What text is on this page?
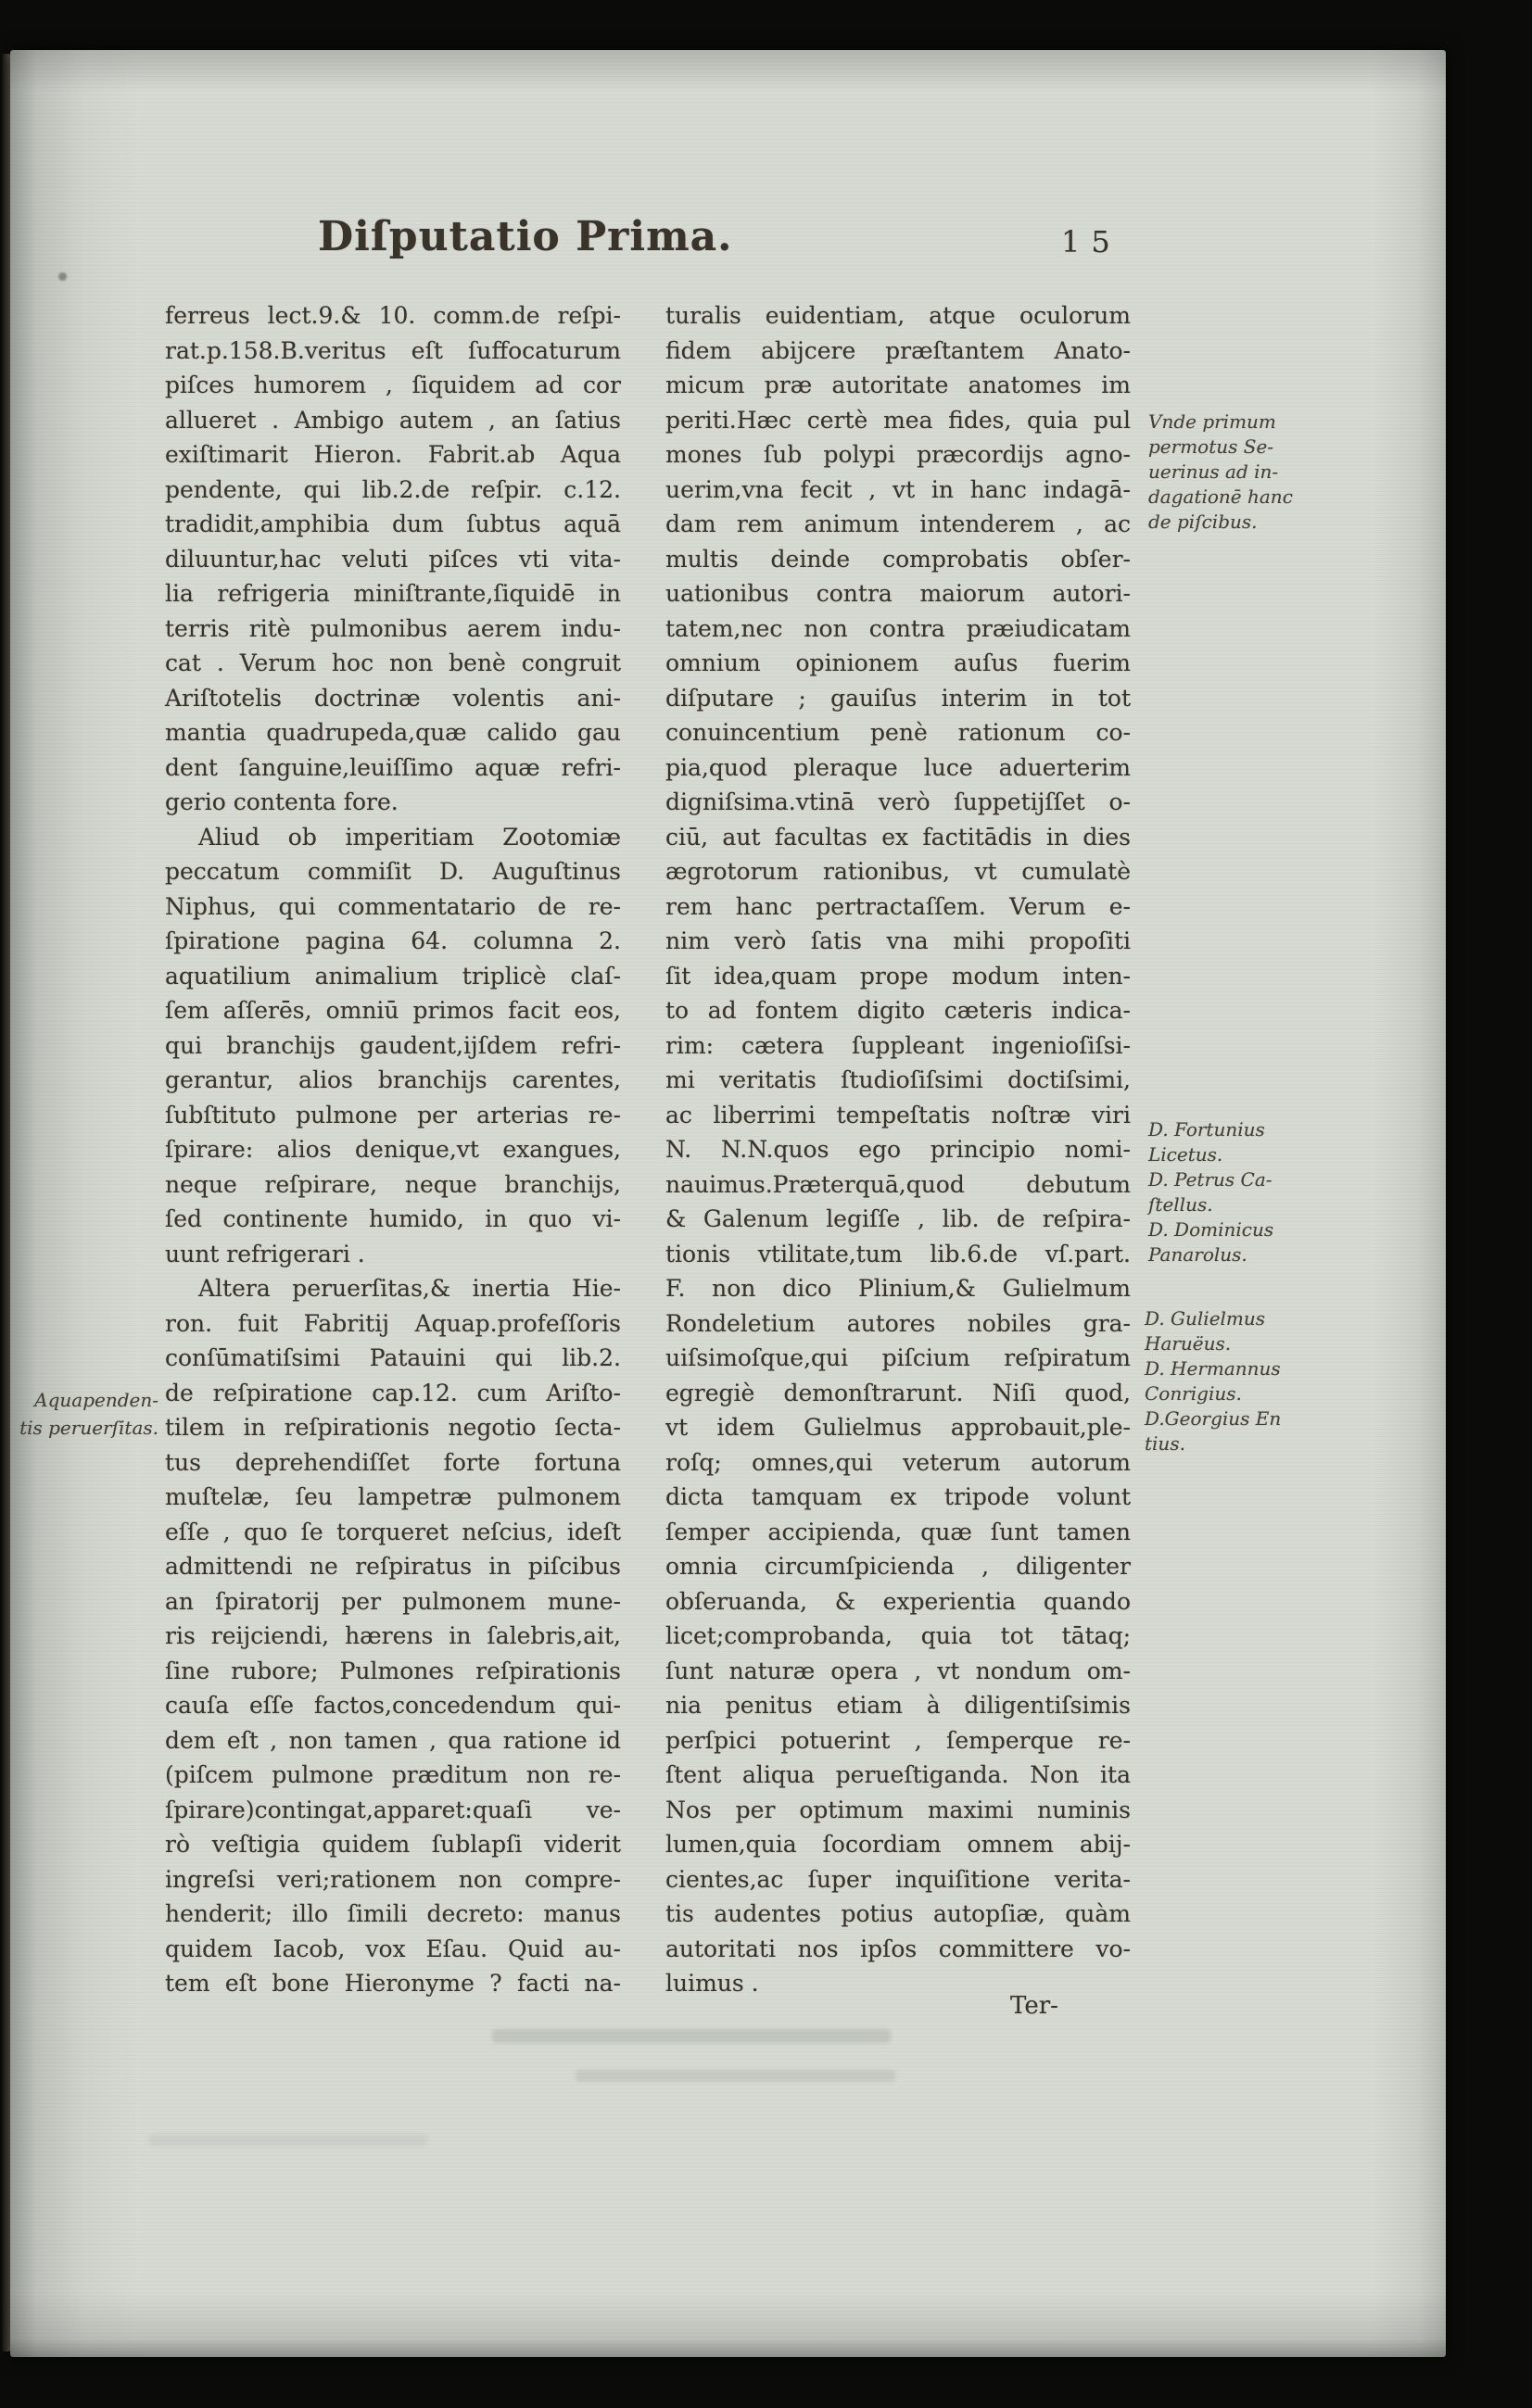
Diſputatio Prima.	15
ferreus lect.9.& 10. comm.de reſpi-
rat.p.158.B.veritus eſt ſuffocaturum
piſces humorem , ſiquidem ad cor
allueret . Ambigo autem , an ſatius
exiſtimarit Hieron. Fabrit.ab Aqua
pendente, qui lib.2.de reſpir. c.12.
tradidit,amphibia dum ſubtus aquā
diluuntur,hac veluti piſces vti vita-
lia refrigeria miniſtrante,ſiquidē in
terris ritè pulmonibus aerem indu-
cat . Verum hoc non benè congruit
Ariſtotelis doctrinæ volentis ani-
mantia quadrupeda,quæ calido gau
dent ſanguine,leuiſſimo aquæ refri-
gerio contenta fore.
Aliud ob imperitiam Zootomiæ
peccatum commiſit D. Auguſtinus
Niphus, qui commentatario de re-
ſpiratione pagina 64. columna 2.
aquatilium animalium triplicè claſ-
ſem aſſerēs, omniū primos facit eos,
qui branchijs gaudent,ijſdem refri-
gerantur, alios branchijs carentes,
ſubſtituto pulmone per arterias re-
ſpirare: alios denique,vt exangues,
neque reſpirare, neque branchijs,
ſed continente humido, in quo vi-
uunt refrigerari .
Altera peruerſitas,& inertia Hie-
ron. fuit Fabritij Aquap.profeſſoris
conſūmatiſsimi Patauini qui lib.2.
de reſpiratione cap.12. cum Ariſto-
tilem in reſpirationis negotio ſecta-
tus deprehendiſſet forte fortuna
muſtelæ, ſeu lampetræ pulmonem
eſſe , quo ſe torqueret neſcius, ideſt
admittendi ne reſpiratus in piſcibus
an ſpiratorij per pulmonem mune-
ris reijciendi, hærens in ſalebris,ait,
ſine rubore; Pulmones reſpirationis
cauſa eſſe factos,concedendum qui-
dem eſt , non tamen , qua ratione id
(piſcem pulmone præditum non re-
ſpirare)contingat,apparet:quaſi ve-
rò veſtigia quidem ſublapſi viderit
ingreſsi veri;rationem non compre-
henderit; illo ſimili decreto: manus
quidem Iacob, vox Eſau. Quid au-
tem eſt bone Hieronyme ? facti na-
turalis euidentiam, atque oculorum
fidem abijcere præſtantem Anato-
micum præ autoritate anatomes im
periti.Hæc certè mea fides, quia pul
mones ſub polypi præcordijs agno-
uerim,vna fecit , vt in hanc indagā-
dam rem animum intenderem , ac
multis deinde comprobatis obſer-
uationibus contra maiorum autori-
tatem,nec non contra præiudicatam
omnium opinionem auſus fuerim
diſputare ; gauiſus interim in tot
conuincentium penè rationum co-
pia,quod pleraque luce aduerterim
digniſsima.vtinā verò ſuppetijſſet o-
ciū, aut facultas ex factitādis in dies
ægrotorum rationibus, vt cumulatè
rem hanc pertractaſſem. Verum e-
nim verò ſatis vna mihi propoſiti
ſit idea,quam prope modum inten-
to ad fontem digito cæteris indica-
rim: cætera ſuppleant ingenioſiſsi-
mi veritatis ſtudioſiſsimi doctiſsimi,
ac liberrimi tempeſtatis noſtræ viri
N. N.N.quos ego principio nomi-
nauimus.Præterquā,quod debutum
& Galenum legiſſe , lib. de reſpira-
tionis vtilitate,tum lib.6.de vſ.part.
F. non dico Plinium,& Gulielmum
Rondeletium autores nobiles gra-
uiſsimoſque,qui piſcium reſpiratum
egregiè demonſtrarunt. Niſi quod,
vt idem Gulielmus approbauit,ple-
roſq; omnes,qui veterum autorum
dicta tamquam ex tripode volunt
ſemper accipienda, quæ ſunt tamen
omnia circumſpicienda , diligenter
obſeruanda, & experientia quando
licet;comprobanda, quia tot tātaq;
ſunt naturæ opera , vt nondum om-
nia penitus etiam à diligentiſsimis
perſpici potuerint , ſemperque re-
ſtent aliqua perueſtiganda. Non ita
Nos per optimum maximi numinis
lumen,quia ſocordiam omnem abij-
cientes,ac ſuper inquiſitione verita-
tis audentes potius autopſiæ, quàm
autoritati nos ipſos committere vo-
luimus .
Vnde primum
permotus Se-
uerinus ad in-
dagationē hanc
de piſcibus.
D. Fortunius
Licetus.
D. Petrus Ca-
ſtellus.
D. Dominicus
Panarolus.
D. Gulielmus
Haruëus.
D. Hermannus
Conrigius.
D.Georgius En
tius.
Aquapenden-
tis peruerſitas.
Ter-
